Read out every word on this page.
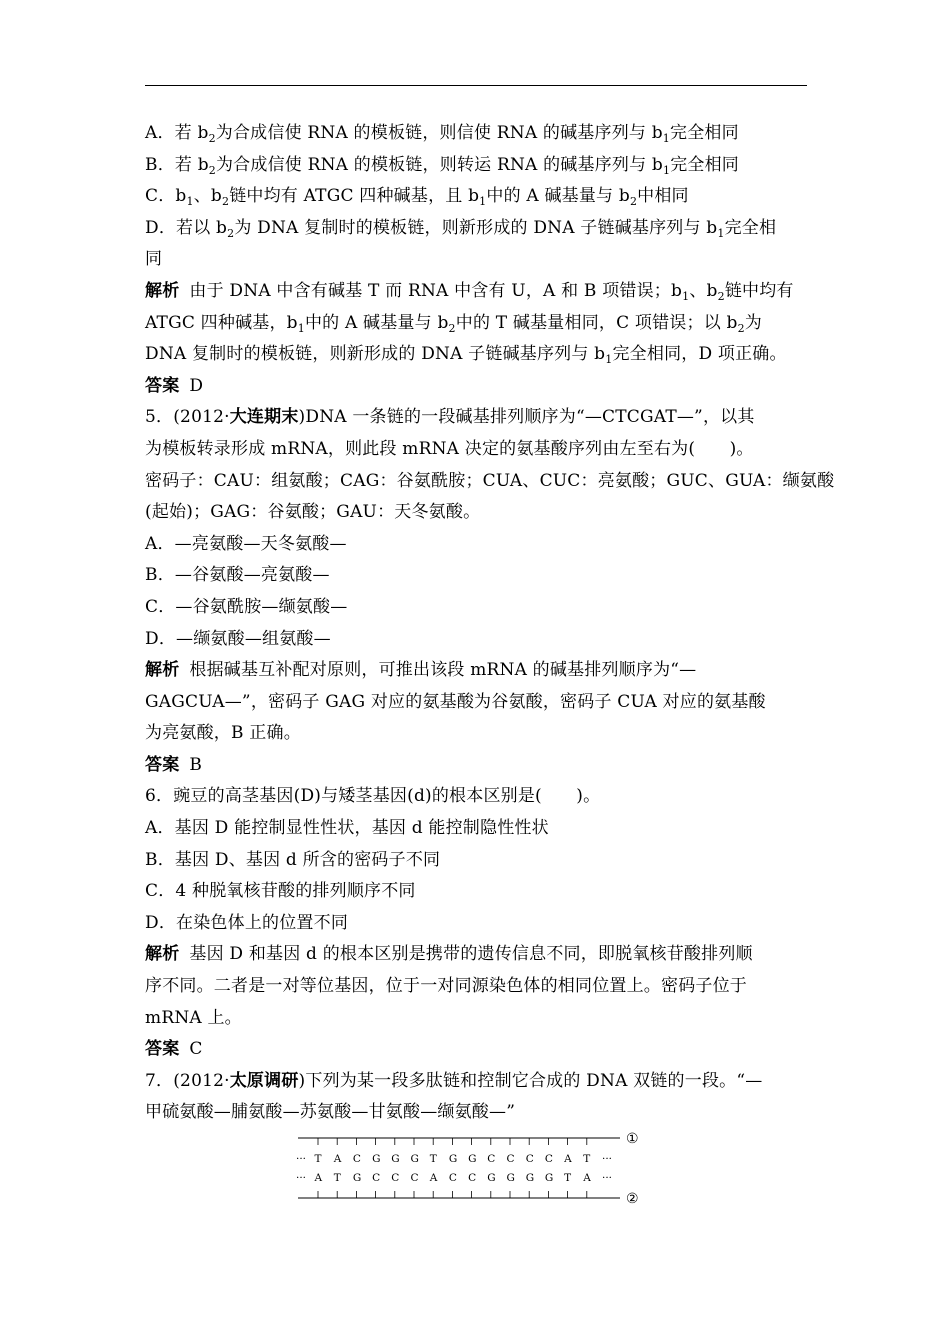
A．若 $b_2$为合成信使 RNA 的模板链，则信使 RNA 的碱基序列与 $b_1$完全相同
B．若 $b_2$为合成信使 RNA 的模板链，则转运 RNA 的碱基序列与 $b_1$完全相同
C．$b_1$、$b_2$链中均有 ATGC 四种碱基，且 $b_1$中的 A 碱基量与 $b_2$中相同
D．若以 $b_2$为 DNA 复制时的模板链，则新形成的 DNA 子链碱基序列与 $b_1$完全相
同
解析 由于 DNA 中含有碱基 T 而 RNA 中含有 U，A 和 B 项错误；$b_1$、$b_2$链中均有
ATGC 四种碱基，$b_1$中的 A 碱基量与 $b_2$中的 T 碱基量相同，C 项错误；以 $b_2$为
DNA 复制时的模板链，则新形成的 DNA 子链碱基序列与 $b_1$完全相同，D 项正确。
答案 D
5．(2012·大连期末)DNA 一条链的一段碱基排列顺序为“—CTCGAT—”，以其
为模板转录形成 mRNA，则此段 mRNA 决定的氨基酸序列由左至右为(　　)。
密码子：CAU：组氨酸；CAG：谷氨酰胺；CUA、CUC：亮氨酸；GUC、GUA：缬氨酸
(起始)；GAG：谷氨酸；GAU：天冬氨酸。
A．—亮氨酸—天冬氨酸—
B．—谷氨酸—亮氨酸—
C．—谷氨酰胺—缬氨酸—
D．—缬氨酸—组氨酸—
解析 根据碱基互补配对原则，可推出该段 mRNA 的碱基排列顺序为“—
GAGCUA—”，密码子 GAG 对应的氨基酸为谷氨酸，密码子 CUA 对应的氨基酸
为亮氨酸，B 正确。
答案 B
6．豌豆的高茎基因(D)与矮茎基因(d)的根本区别是(　　)。
A．基因 D 能控制显性性状，基因 d 能控制隐性性状
B．基因 D、基因 d 所含的密码子不同
C．4 种脱氧核苷酸的排列顺序不同
D．在染色体上的位置不同
解析 基因 D 和基因 d 的根本区别是携带的遗传信息不同，即脱氧核苷酸排列顺
序不同。二者是一对等位基因，位于一对同源染色体的相同位置上。密码子位于
mRNA 上。
答案 C
7．(2012·太原调研)下列为某一段多肽链和控制它合成的 DNA 双链的一段。“—
甲硫氨酸—脯氨酸—苏氨酸—甘氨酸—缬氨酸—”
①
②
···	···
···	···
T A C G G G T G G C C C C A T
A T G C C C A C C G G G G T A
